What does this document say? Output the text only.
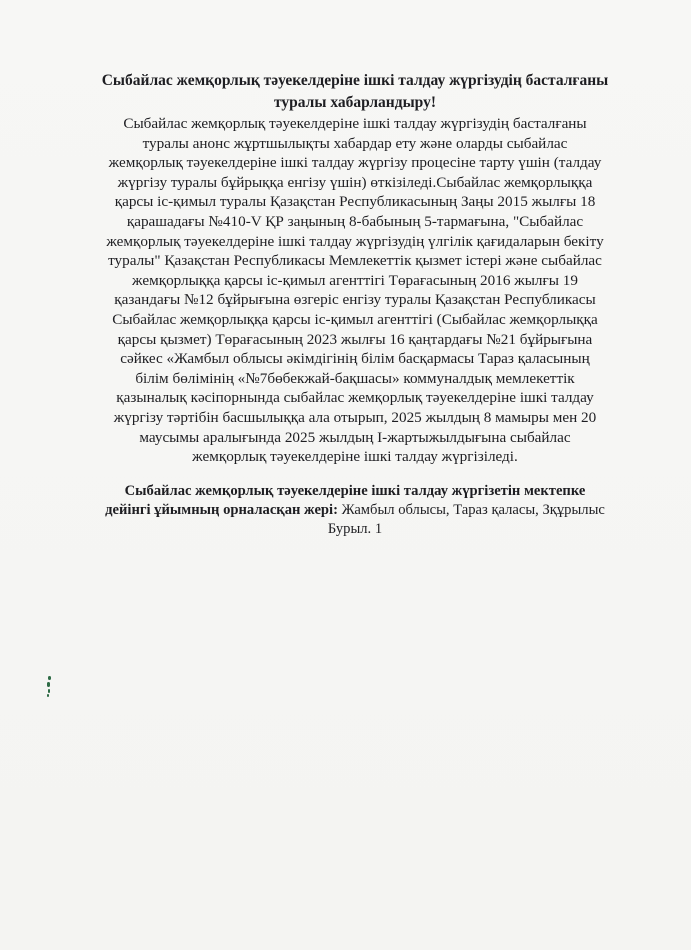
Сыбайлас жемқорлық тәуекелдеріне ішкі талдау жүргізудің басталғаны
туралы хабарландыру!
Сыбайлас жемқорлық тәуекелдеріне ішкі талдау жүргізудің басталғаны
туралы анонс жұртшылықты хабардар ету және оларды сыбайлас
жемқорлық тәуекелдеріне ішкі талдау жүргізу процесіне тарту үшін (талдау
жүргізу туралы бұйрыққа енгізу үшін) өткізіледі.Сыбайлас жемқорлыққа
қарсы іс-қимыл туралы Қазақстан Республикасының Заңы 2015 жылғы 18
қарашадағы №410-V ҚР заңының 8-бабының 5-тармағына, "Сыбайлас
жемқорлық тәуекелдеріне ішкі талдау жүргізудің үлгілік қағидаларын бекіту
туралы" Қазақстан Республикасы Мемлекеттік қызмет істері және сыбайлас
жемқорлыққа қарсы іс-қимыл агенттігі Төрағасының 2016 жылғы 19
қазандағы №12 бұйрығына өзгеріс енгізу туралы Қазақстан Республикасы
Сыбайлас жемқорлыққа қарсы іс-қимыл агенттігі (Сыбайлас жемқорлыққа
қарсы қызмет) Төрағасының 2023 жылғы 16 қаңтардағы №21 бұйрығына
сәйкес «Жамбыл облысы әкімдігінің білім басқармасы Тараз қаласының
білім бөлімінің «№7бөбекжай-бақшасы» коммуналдық мемлекеттік
қазыналық кәсіпорнында сыбайлас жемқорлық тәуекелдеріне ішкі талдау
жүргізу тәртібін басшылыққа ала отырып, 2025 жылдың 8 мамыры мен 20
маусымы аралығында 2025 жылдың I-жартыжылдығына сыбайлас
жемқорлық тәуекелдеріне ішкі талдау жүргізіледі.
Сыбайлас жемқорлық тәуекелдеріне ішкі талдау жүргізетін мектепке
дейінгі ұйымның орналасқан жері: Жамбыл облысы, Тараз қаласы, Зқұрылыс
Бурыл. 1
